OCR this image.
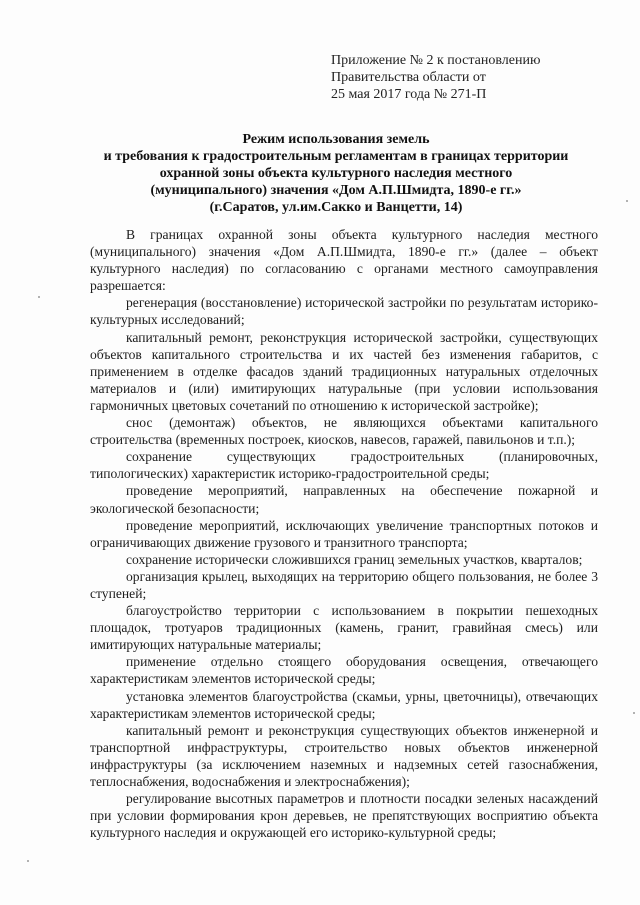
Приложение № 2 к постановлению
Правительства области от
25 мая 2017 года № 271-П
Режим использования земель
и требования к градостроительным регламентам в границах территории
охранной зоны объекта культурного наследия местного
(муниципального) значения «Дом А.П.Шмидта, 1890-е гг.»
(г.Саратов, ул.им.Сакко и Ванцетти, 14)

В границах охранной зоны объекта культурного наследия местного (муниципального) значения «Дом А.П.Шмидта, 1890-е гг.» (далее – объект культурного наследия) по согласованию с органами местного самоуправления разрешается:

регенерация (восстановление) исторической застройки по результатам историко-культурных исследований;

капитальный ремонт, реконструкция исторической застройки, существующих объектов капитального строительства и их частей без изменения габаритов, с применением в отделке фасадов зданий традиционных натуральных отделочных материалов и (или) имитирующих натуральные (при условии использования гармоничных цветовых сочетаний по отношению к исторической застройке);

снос (демонтаж) объектов, не являющихся объектами капитального строительства (временных построек, киосков, навесов, гаражей, павильонов и т.п.);

сохранение существующих градостроительных (планировочных, типологических) характеристик историко-градостроительной среды;

проведение мероприятий, направленных на обеспечение пожарной и экологической безопасности;

проведение мероприятий, исключающих увеличение транспортных потоков и ограничивающих движение грузового и транзитного транспорта;

сохранение исторически сложившихся границ земельных участков, кварталов;

организация крылец, выходящих на территорию общего пользования, не более 3 ступеней;

благоустройство территории с использованием в покрытии пешеходных площадок, тротуаров традиционных (камень, гранит, гравийная смесь) или имитирующих натуральные материалы;

применение отдельно стоящего оборудования освещения, отвечающего характеристикам элементов исторической среды;

установка элементов благоустройства (скамьи, урны, цветочницы), отвечающих характеристикам элементов исторической среды;

капитальный ремонт и реконструкция существующих объектов инженерной и транспортной инфраструктуры, строительство новых объектов инженерной инфраструктуры (за исключением наземных и надземных сетей газоснабжения, теплоснабжения, водоснабжения и электроснабжения);

регулирование высотных параметров и плотности посадки зеленых насаждений при условии формирования крон деревьев, не препятствующих восприятию объекта культурного наследия и окружающей его историко-культурной среды;
